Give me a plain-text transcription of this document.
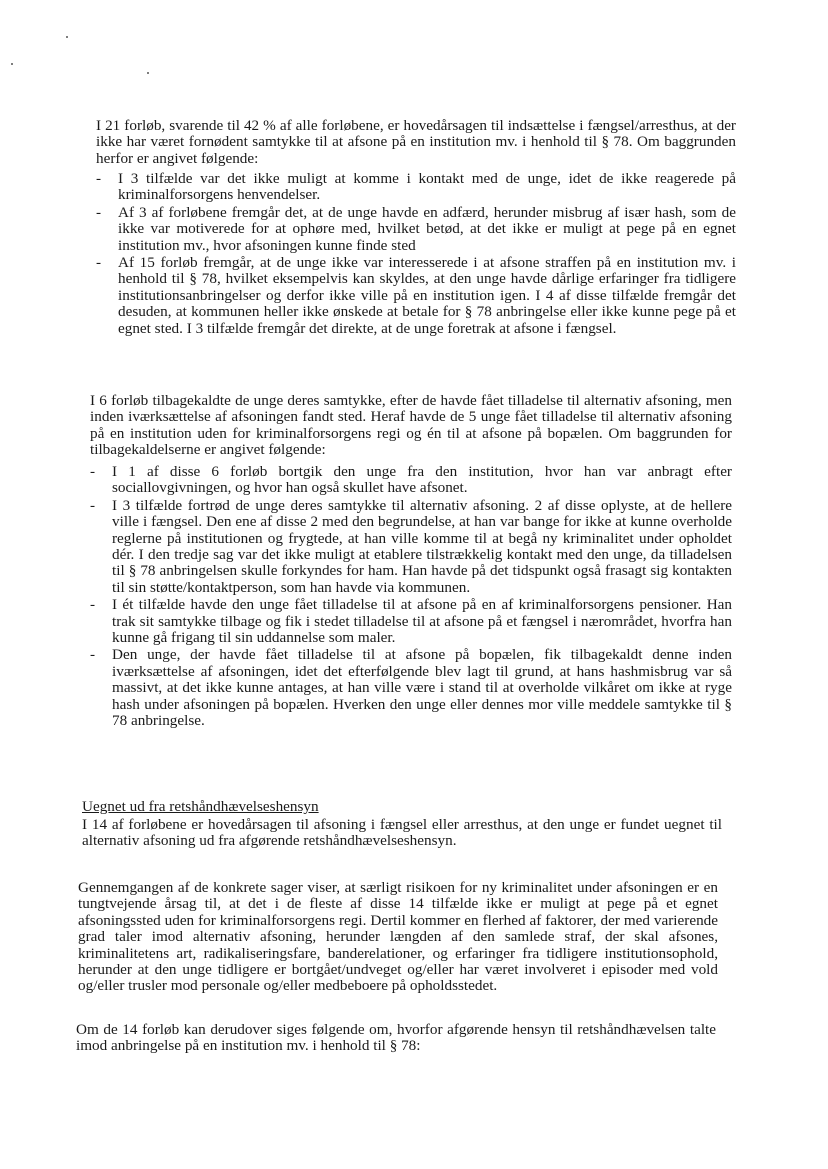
I 21 forløb, svarende til 42 % af alle forløbene, er hovedårsagen til indsættelse i fængsel/arresthus, at der ikke har været fornødent samtykke til at afsone på en institution mv. i henhold til § 78. Om baggrunden herfor er angivet følgende:

- I 3 tilfælde var det ikke muligt at komme i kontakt med de unge, idet de ikke reagerede på kriminalforsorgens henvendelser.
- Af 3 af forløbene fremgår det, at de unge havde en adfærd, herunder misbrug af især hash, som de ikke var motiverede for at ophøre med, hvilket betød, at det ikke er muligt at pege på en egnet institution mv., hvor afsoningen kunne finde sted
- Af 15 forløb fremgår, at de unge ikke var interesserede i at afsone straffen på en institution mv. i henhold til § 78, hvilket eksempelvis kan skyldes, at den unge havde dårlige erfaringer fra tidligere institutionsanbringelser og derfor ikke ville på en institution igen. I 4 af disse tilfælde fremgår det desuden, at kommunen heller ikke ønskede at betale for § 78 anbringelse eller ikke kunne pege på et egnet sted. I 3 tilfælde fremgår det direkte, at de unge foretrak at afsone i fængsel.

I 6 forløb tilbagekaldte de unge deres samtykke, efter de havde fået tilladelse til alternativ afsoning, men inden iværksættelse af afsoningen fandt sted. Heraf havde de 5 unge fået tilladelse til alternativ afsoning på en institution uden for kriminalforsorgens regi og én til at afsone på bopælen. Om baggrunden for tilbagekaldelserne er angivet følgende:

- I 1 af disse 6 forløb bortgik den unge fra den institution, hvor han var anbragt efter sociallovgivningen, og hvor han også skullet have afsonet.
- I 3 tilfælde fortrød de unge deres samtykke til alternativ afsoning. 2 af disse oplyste, at de hellere ville i fængsel. Den ene af disse 2 med den begrundelse, at han var bange for ikke at kunne overholde reglerne på institutionen og frygtede, at han ville komme til at begå ny kriminalitet under opholdet dér. I den tredje sag var det ikke muligt at etablere tilstrækkelig kontakt med den unge, da tilladelsen til § 78 anbringelsen skulle forkyndes for ham. Han havde på det tidspunkt også frasagt sig kontakten til sin støtte/kontaktperson, som han havde via kommunen.
- I ét tilfælde havde den unge fået tilladelse til at afsone på en af kriminalforsorgens pensioner. Han trak sit samtykke tilbage og fik i stedet tilladelse til at afsone på et fængsel i nærområdet, hvorfra han kunne gå frigang til sin uddannelse som maler.
- Den unge, der havde fået tilladelse til at afsone på bopælen, fik tilbagekaldt denne inden iværksættelse af afsoningen, idet det efterfølgende blev lagt til grund, at hans hashmisbrug var så massivt, at det ikke kunne antages, at han ville være i stand til at overholde vilkåret om ikke at ryge hash under afsoningen på bopælen. Hverken den unge eller dennes mor ville meddele samtykke til § 78 anbringelse.

Uegnet ud fra retshåndhævelseshensyn

I 14 af forløbene er hovedårsagen til afsoning i fængsel eller arresthus, at den unge er fundet uegnet til alternativ afsoning ud fra afgørende retshåndhævelseshensyn.

Gennemgangen af de konkrete sager viser, at særligt risikoen for ny kriminalitet under afsoningen er en tungtvejende årsag til, at det i de fleste af disse 14 tilfælde ikke er muligt at pege på et egnet afsoningssted uden for kriminalforsorgens regi. Dertil kommer en flerhed af faktorer, der med varierende grad taler imod alternativ afsoning, herunder længden af den samlede straf, der skal afsones, kriminalitetens art, radikaliseringsfare, banderelationer, og erfaringer fra tidligere institutionsophold, herunder at den unge tidligere er bortgået/undveget og/eller har været involveret i episoder med vold og/eller trusler mod personale og/eller medbeboere på opholdsstedet.

Om de 14 forløb kan derudover siges følgende om, hvorfor afgørende hensyn til retshåndhævelsen talte imod anbringelse på en institution mv. i henhold til § 78:
